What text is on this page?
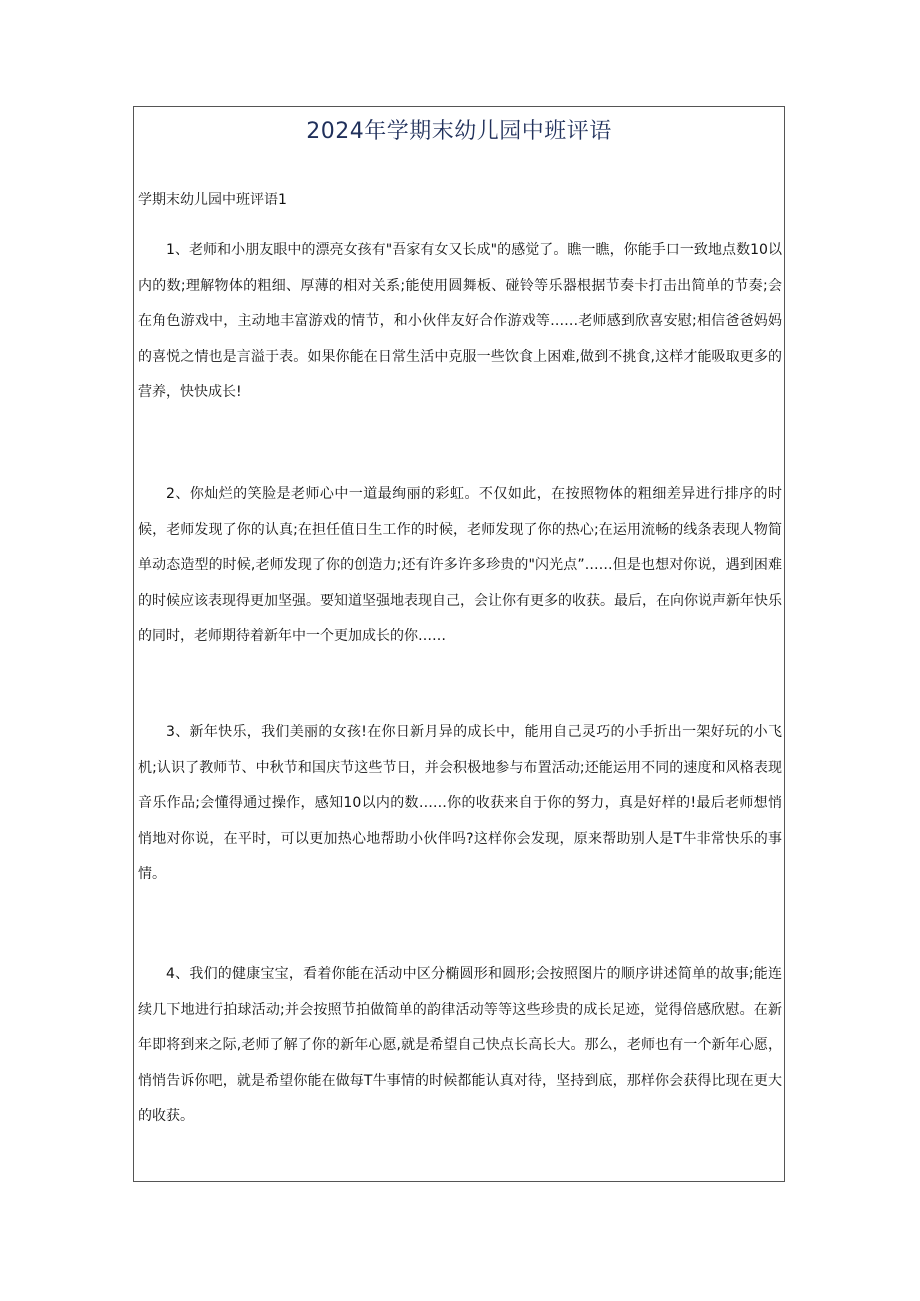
2024年学期末幼儿园中班评语
学期末幼儿园中班评语1

1、老师和小朋友眼中的漂亮女孩有"吾家有女又长成"的感觉了。瞧一瞧，你能手口一致地点数10以内的数;理解物体的粗细、厚薄的相对关系;能使用圆舞板、碰铃等乐器根据节奏卡打击出简单的节奏;会在角色游戏中，主动地丰富游戏的情节，和小伙伴友好合作游戏等……老师感到欣喜安慰;相信爸爸妈妈的喜悦之情也是言溢于表。如果你能在日常生活中克服一些饮食上困难,做到不挑食,这样才能吸取更多的营养，快快成长!

2、你灿烂的笑脸是老师心中一道最绚丽的彩虹。不仅如此，在按照物体的粗细差异进行排序的时候，老师发现了你的认真;在担任值日生工作的时候，老师发现了你的热心;在运用流畅的线条表现人物简单动态造型的时候,老师发现了你的创造力;还有许多许多珍贵的"闪光点”……但是也想对你说，遇到困难的时候应该表现得更加坚强。要知道坚强地表现自己，会让你有更多的收获。最后，在向你说声新年快乐的同时，老师期待着新年中一个更加成长的你……

3、新年快乐，我们美丽的女孩!在你日新月异的成长中，能用自己灵巧的小手折出一架好玩的小飞机;认识了教师节、中秋节和国庆节这些节日，并会积极地参与布置活动;还能运用不同的速度和风格表现音乐作品;会懂得通过操作，感知10以内的数……你的收获来自于你的努力，真是好样的!最后老师想悄悄地对你说，在平时，可以更加热心地帮助小伙伴吗?这样你会发现，原来帮助别人是T牛非常快乐的事情。

4、我们的健康宝宝，看着你能在活动中区分椭圆形和圆形;会按照图片的顺序讲述简单的故事;能连续几下地进行拍球活动;并会按照节拍做简单的韵律活动等等这些珍贵的成长足迹，觉得倍感欣慰。在新年即将到来之际,老师了解了你的新年心愿,就是希望自己快点长高长大。那么，老师也有一个新年心愿，悄悄告诉你吧，就是希望你能在做每T牛事情的时候都能认真对待，坚持到底，那样你会获得比现在更大的收获。
